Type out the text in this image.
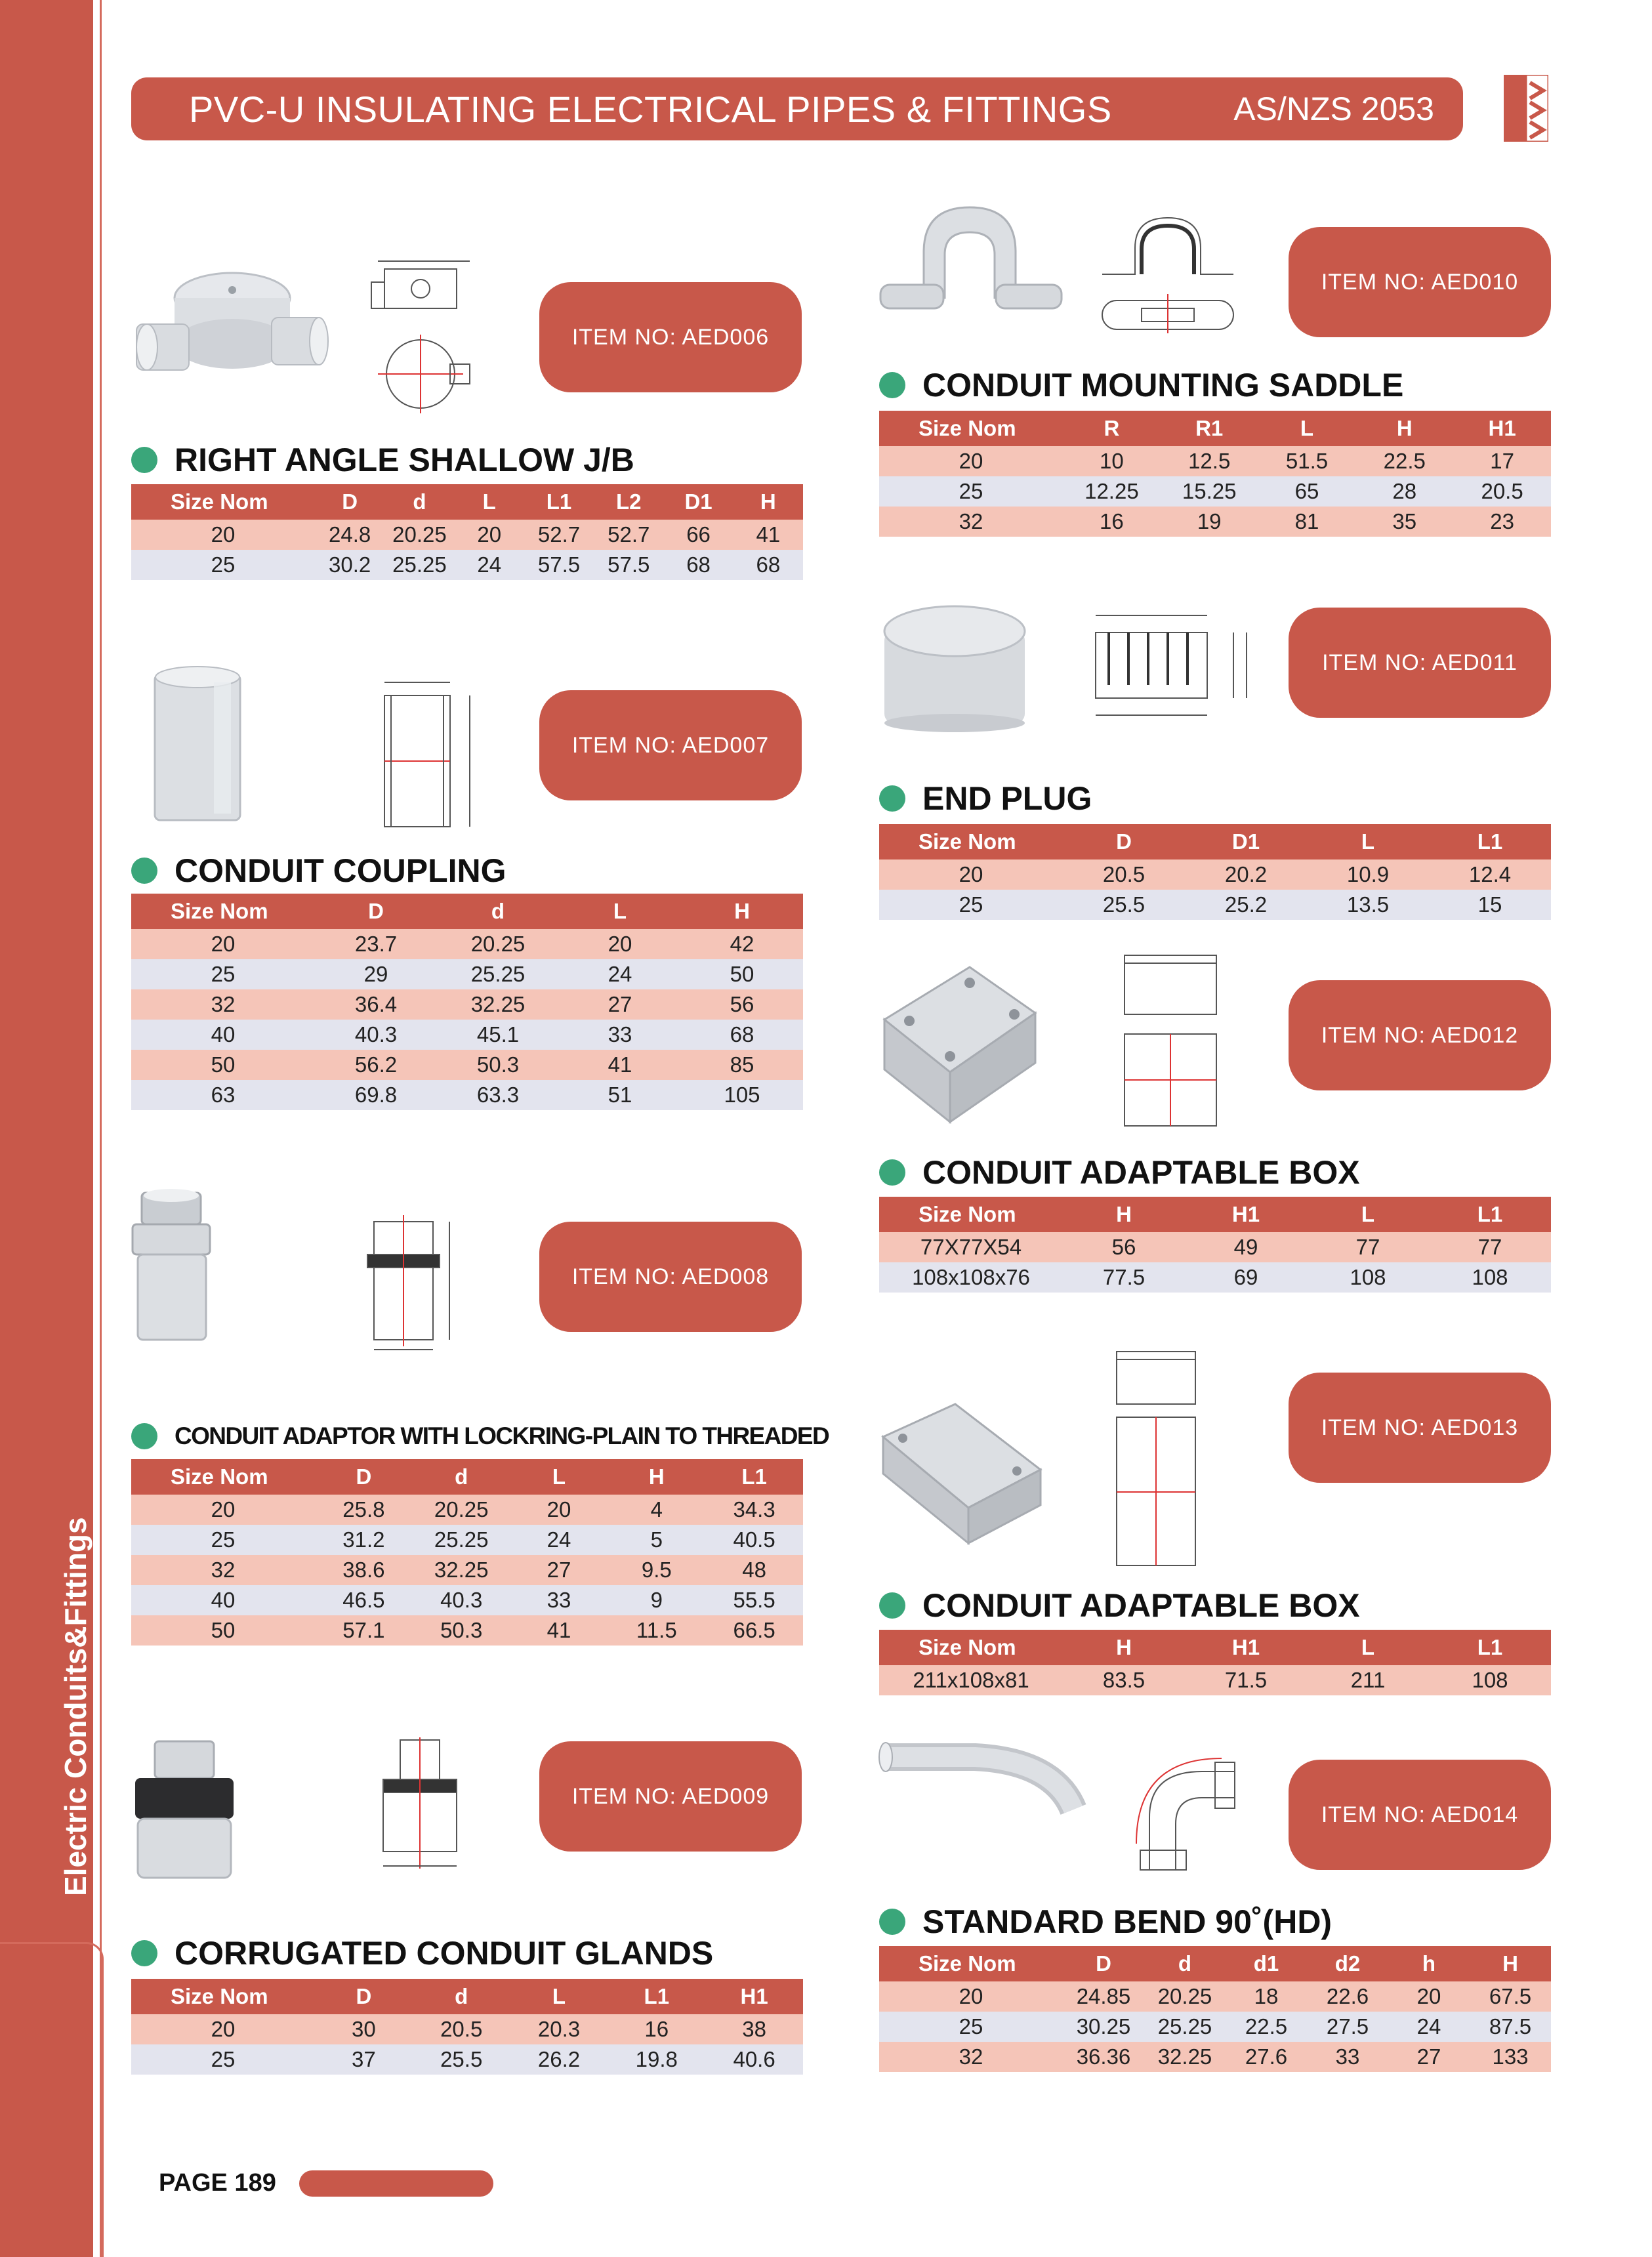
Electric Conduits&Fittings
PVC-U INSULATING ELECTRICAL PIPES & FITTINGS	AS/NZS 2053
ITEM NO: AED006
RIGHT ANGLE SHALLOW J/B
Size Nom	D	d	L	L1	L2	D1	H
20	24.8	20.25	20	52.7	52.7	66	41
25	30.2	25.25	24	57.5	57.5	68	68
ITEM NO: AED007
CONDUIT COUPLING
Size Nom	D	d	L	H
20	23.7	20.25	20	42
25	29	25.25	24	50
32	36.4	32.25	27	56
40	40.3	45.1	33	68
50	56.2	50.3	41	85
63	69.8	63.3	51	105
ITEM NO: AED008
CONDUIT ADAPTOR WITH LOCKRING-PLAIN TO THREADED
Size Nom	D	d	L	H	L1
20	25.8	20.25	20	4	34.3
25	31.2	25.25	24	5	40.5
32	38.6	32.25	27	9.5	48
40	46.5	40.3	33	9	55.5
50	57.1	50.3	41	11.5	66.5
ITEM NO: AED009
CORRUGATED CONDUIT GLANDS
Size Nom	D	d	L	L1	H1
20	30	20.5	20.3	16	38
25	37	25.5	26.2	19.8	40.6
ITEM NO: AED010
CONDUIT MOUNTING SADDLE
Size Nom	R	R1	L	H	H1
20	10	12.5	51.5	22.5	17
25	12.25	15.25	65	28	20.5
32	16	19	81	35	23
ITEM NO: AED011
END PLUG
Size Nom	D	D1	L	L1
20	20.5	20.2	10.9	12.4
25	25.5	25.2	13.5	15
ITEM NO: AED012
CONDUIT ADAPTABLE BOX
Size Nom	H	H1	L	L1
77X77X54	56	49	77	77
108x108x76	77.5	69	108	108
ITEM NO: AED013
CONDUIT ADAPTABLE BOX
Size Nom	H	H1	L	L1
211x108x81	83.5	71.5	211	108
ITEM NO: AED014
STANDARD BEND 90˚(HD)
Size Nom	D	d	d1	d2	h	H
20	24.85	20.25	18	22.6	20	67.5
25	30.25	25.25	22.5	27.5	24	87.5
32	36.36	32.25	27.6	33	27	133
PAGE 189
